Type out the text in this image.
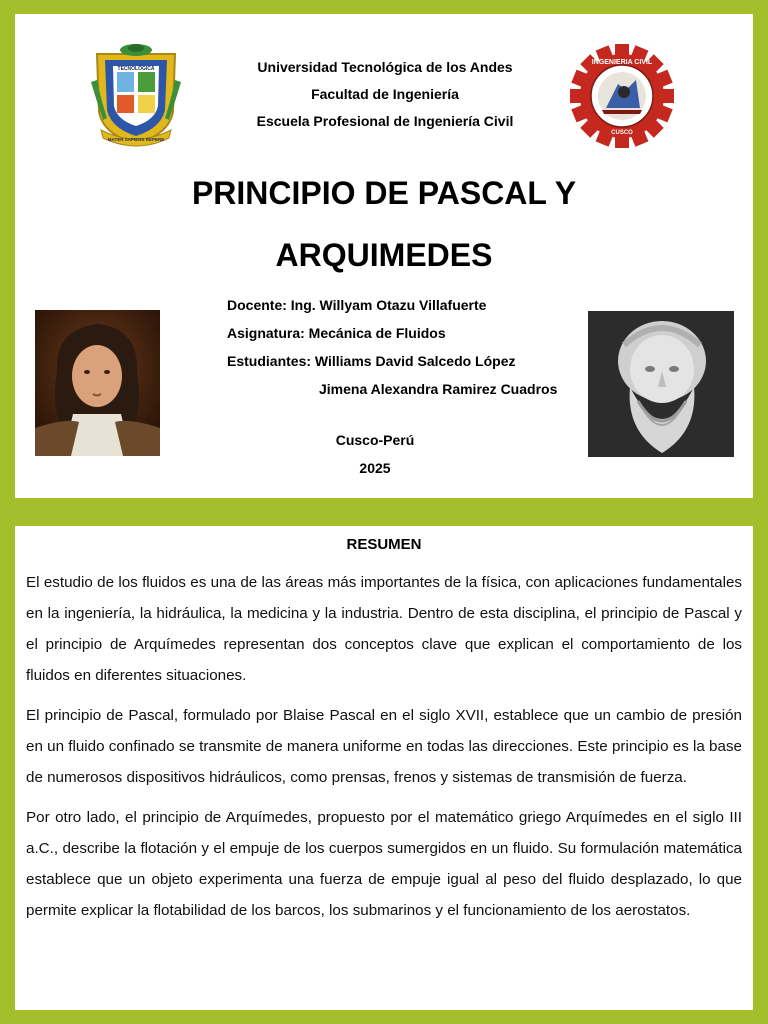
TECNOLÓGICA
MATER SAPIENS REPERE
Universidad Tecnológica de los Andes
Facultad de Ingeniería
Escuela Profesional de Ingeniería Civil
INGENIERIA CIVIL
CUSCO
PRINCIPIO DE PASCAL Y
ARQUIMEDES
Docente: Ing. Willyam Otazu Villafuerte
Asignatura: Mecánica de Fluidos
Estudiantes: Williams David Salcedo López
Jimena Alexandra Ramirez Cuadros
Cusco-Perú
2025
RESUMEN

El estudio de los fluidos es una de las áreas más importantes de la física, con aplicaciones fundamentales en la ingeniería, la hidráulica, la medicina y la industria. Dentro de esta disciplina, el principio de Pascal y el principio de Arquímedes representan dos conceptos clave que explican el comportamiento de los fluidos en diferentes situaciones.

El principio de Pascal, formulado por Blaise Pascal en el siglo XVII, establece que un cambio de presión en un fluido confinado se transmite de manera uniforme en todas las direcciones. Este principio es la base de numerosos dispositivos hidráulicos, como prensas, frenos y sistemas de transmisión de fuerza.

Por otro lado, el principio de Arquímedes, propuesto por el matemático griego Arquímedes en el siglo III a.C., describe la flotación y el empuje de los cuerpos sumergidos en un fluido. Su formulación matemática establece que un objeto experimenta una fuerza de empuje igual al peso del fluido desplazado, lo que permite explicar la flotabilidad de los barcos, los submarinos y el funcionamiento de los aerostatos.
